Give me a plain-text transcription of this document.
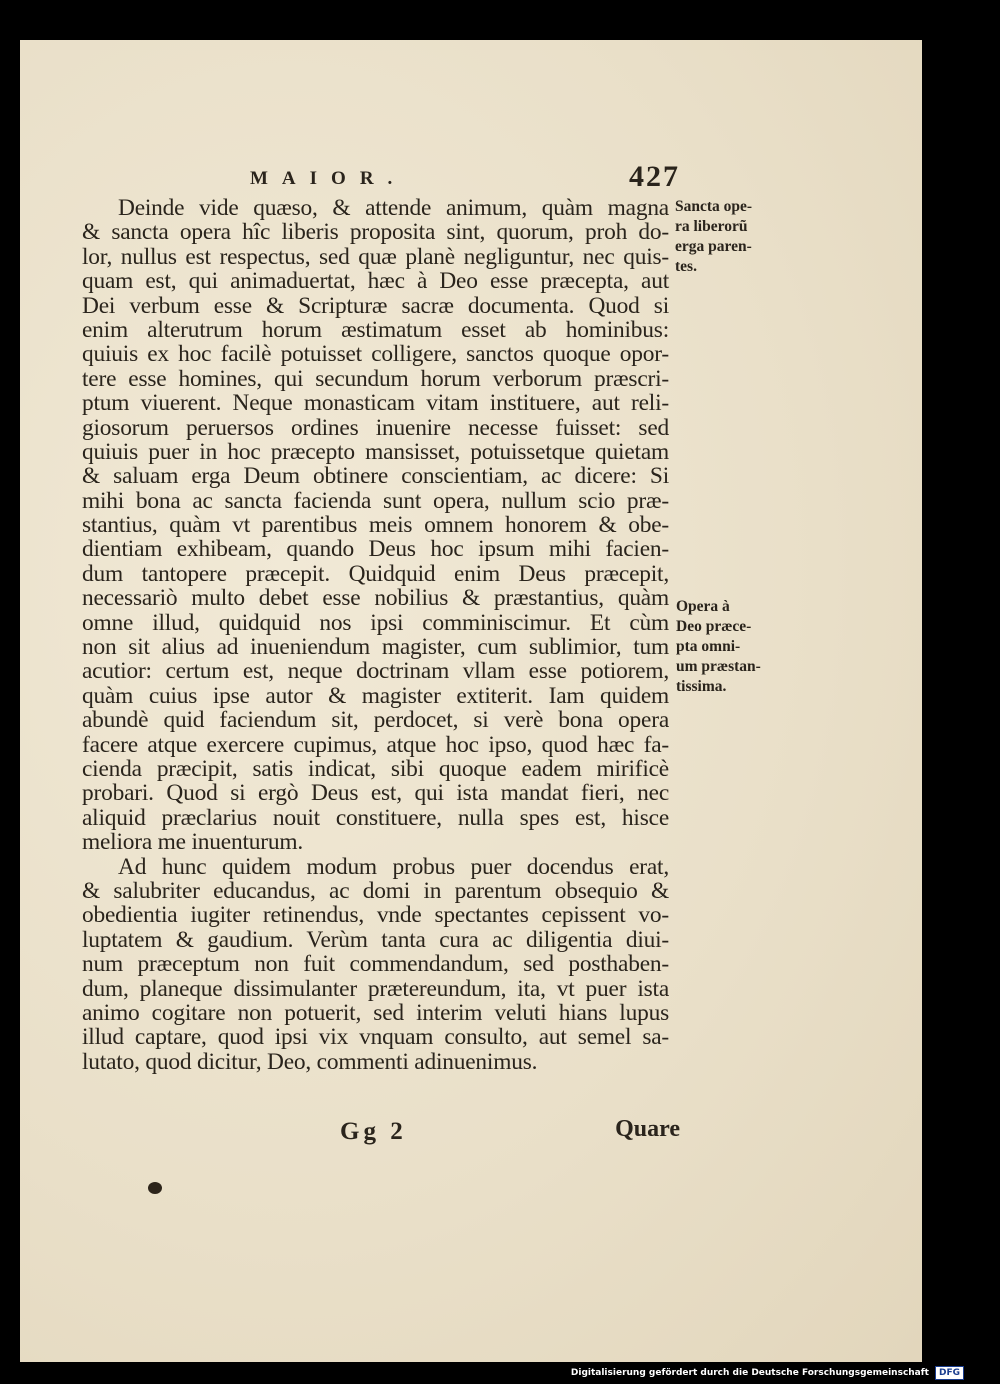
MAIOR.	427
Deinde vide quæso, & attende animum, quàm magna
& sancta opera hîc liberis proposita sint, quorum, proh do-
lor, nullus est respectus, sed quæ planè negliguntur, nec quis-
quam est, qui animaduertat, hæc à Deo esse præcepta, aut
Dei verbum esse & Scripturæ sacræ documenta. Quod si
enim alterutrum horum æstimatum esset ab hominibus:
quiuis ex hoc facilè potuisset colligere, sanctos quoque opor-
tere esse homines, qui secundum horum verborum præscri-
ptum viuerent. Neque monasticam vitam instituere, aut reli-
giosorum peruersos ordines inuenire necesse fuisset: sed
quiuis puer in hoc præcepto mansisset, potuissetque quietam
& saluam erga Deum obtinere conscientiam, ac dicere: Si
mihi bona ac sancta facienda sunt opera, nullum scio præ-
stantius, quàm vt parentibus meis omnem honorem & obe-
dientiam exhibeam, quando Deus hoc ipsum mihi facien-
dum tantopere præcepit. Quidquid enim Deus præcepit,
necessariò multo debet esse nobilius & præstantius, quàm
omne illud, quidquid nos ipsi comminiscimur. Et cùm
non sit alius ad inueniendum magister, cum sublimior, tum
acutior: certum est, neque doctrinam vllam esse potiorem,
quàm cuius ipse autor & magister extiterit. Iam quidem
abundè quid faciendum sit, perdocet, si verè bona opera
facere atque exercere cupimus, atque hoc ipso, quod hæc fa-
cienda præcipit, satis indicat, sibi quoque eadem mirificè
probari. Quod si ergò Deus est, qui ista mandat fieri, nec
aliquid præclarius nouit constituere, nulla spes est, hisce
meliora me inuenturum.
Ad hunc quidem modum probus puer docendus erat,
& salubriter educandus, ac domi in parentum obsequio &
obedientia iugiter retinendus, vnde spectantes cepissent vo-
luptatem & gaudium. Verùm tanta cura ac diligentia diui-
num præceptum non fuit commendandum, sed posthaben-
dum, planeque dissimulanter prætereundum, ita, vt puer ista
animo cogitare non potuerit, sed interim veluti hians lupus
illud captare, quod ipsi vix vnquam consulto, aut semel sa-
lutato, quod dicitur, Deo, commenti adinuenimus.
Sancta ope-
ra liberorũ
erga paren-
tes.
Opera à
Deo præce-
pta omni-
um præstan-
tissima.
Gg 2	Quare
Digitalisierung gefördert durch die Deutsche Forschungsgemeinschaft	DFG
